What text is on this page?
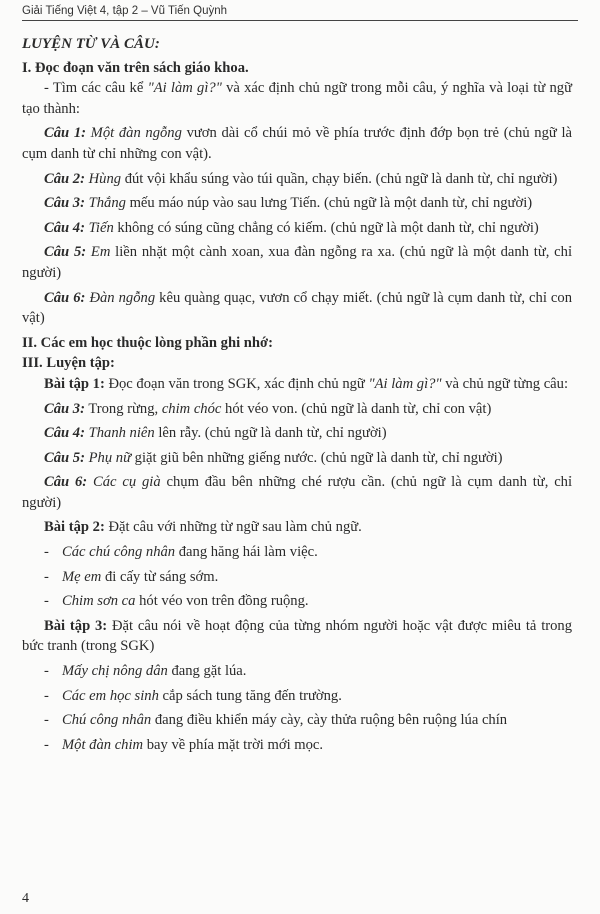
Giải Tiếng Việt 4, tập 2 – Vũ Tiến Quỳnh

LUYỆN TỪ VÀ CÂU:

I. Đọc đoạn văn trên sách giáo khoa.

- Tìm các câu kể "Ai làm gì?" và xác định chủ ngữ trong mỗi câu, ý nghĩa và loại từ ngữ tạo thành:

Câu 1: Một đàn ngỗng vươn dài cổ chúi mỏ về phía trước định đớp bọn trẻ (chủ ngữ là cụm danh từ chỉ những con vật).

Câu 2: Hùng đút vội khẩu súng vào túi quần, chạy biến. (chủ ngữ là danh từ, chỉ người)

Câu 3: Thắng mếu máo núp vào sau lưng Tiến. (chủ ngữ là một danh từ, chỉ người)

Câu 4: Tiến không có súng cũng chẳng có kiếm. (chủ ngữ là một danh từ, chỉ người)

Câu 5: Em liền nhặt một cành xoan, xua đàn ngỗng ra xa. (chủ ngữ là một danh từ, chỉ người)

Câu 6: Đàn ngỗng kêu quàng quạc, vươn cổ chạy miết. (chủ ngữ là cụm danh từ, chỉ con vật)

II. Các em học thuộc lòng phần ghi nhớ:

III. Luyện tập:

Bài tập 1: Đọc đoạn văn trong SGK, xác định chủ ngữ "Ai làm gì?" và chủ ngữ từng câu:

Câu 3: Trong rừng, chim chóc hót véo von. (chủ ngữ là danh từ, chỉ con vật)

Câu 4: Thanh niên lên rẫy. (chủ ngữ là danh từ, chỉ người)

Câu 5: Phụ nữ giặt giũ bên những giếng nước. (chủ ngữ là danh từ, chỉ người)

Câu 6: Các cụ già chụm đầu bên những ché rượu cần. (chủ ngữ là cụm danh từ, chỉ người)

Bài tập 2: Đặt câu với những từ ngữ sau làm chủ ngữ.

- Các chú công nhân đang hăng hái làm việc.

- Mẹ em đi cấy từ sáng sớm.

- Chim sơn ca hót véo von trên đồng ruộng.

Bài tập 3: Đặt câu nói về hoạt động của từng nhóm người hoặc vật được miêu tả trong bức tranh (trong SGK)

- Mấy chị nông dân đang gặt lúa.

- Các em học sinh cắp sách tung tăng đến trường.

- Chú công nhân đang điều khiển máy cày, cày thửa ruộng bên ruộng lúa chín

- Một đàn chim bay về phía mặt trời mới mọc.

4
